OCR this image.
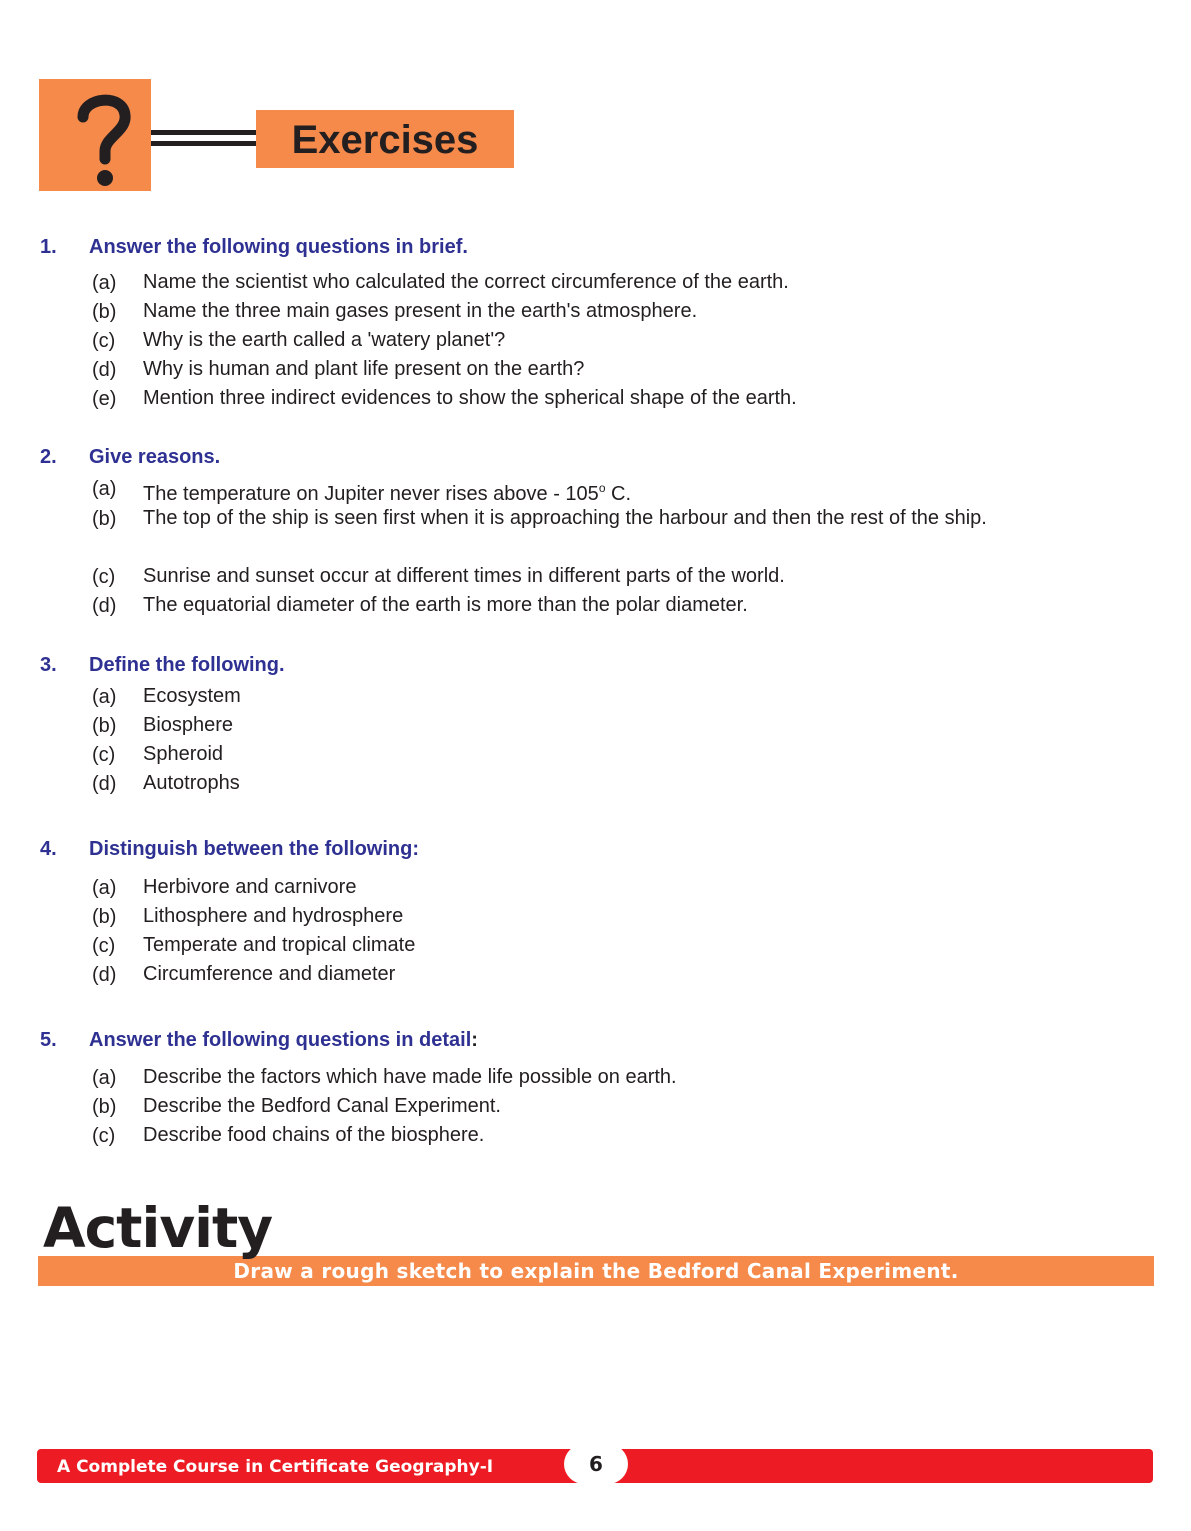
Exercises
1. Answer the following questions in brief.
(a) Name the scientist who calculated the correct circumference of the earth.
(b) Name the three main gases present in the earth's atmosphere.
(c) Why is the earth called a 'watery planet'?
(d) Why is human and plant life present on the earth?
(e) Mention three indirect evidences to show the spherical shape of the earth.
2. Give reasons.
(a) The temperature on Jupiter never rises above - 105$^o$ C.
(b) The top of the ship is seen first when it is approaching the harbour and then the rest of the ship.
(c) Sunrise and sunset occur at different times in different parts of the world.
(d) The equatorial diameter of the earth is more than the polar diameter.
3. Define the following.
(a) Ecosystem
(b) Biosphere
(c) Spheroid
(d) Autotrophs
4. Distinguish between the following:
(a) Herbivore and carnivore
(b) Lithosphere and hydrosphere
(c) Temperate and tropical climate
(d) Circumference and diameter
5. Answer the following questions in detail:
(a) Describe the factors which have made life possible on earth.
(b) Describe the Bedford Canal Experiment.
(c) Describe food chains of the biosphere.
Draw a rough sketch to explain the Bedford Canal Experiment.
Activity
A Complete Course in Certificate Geography-I	6
